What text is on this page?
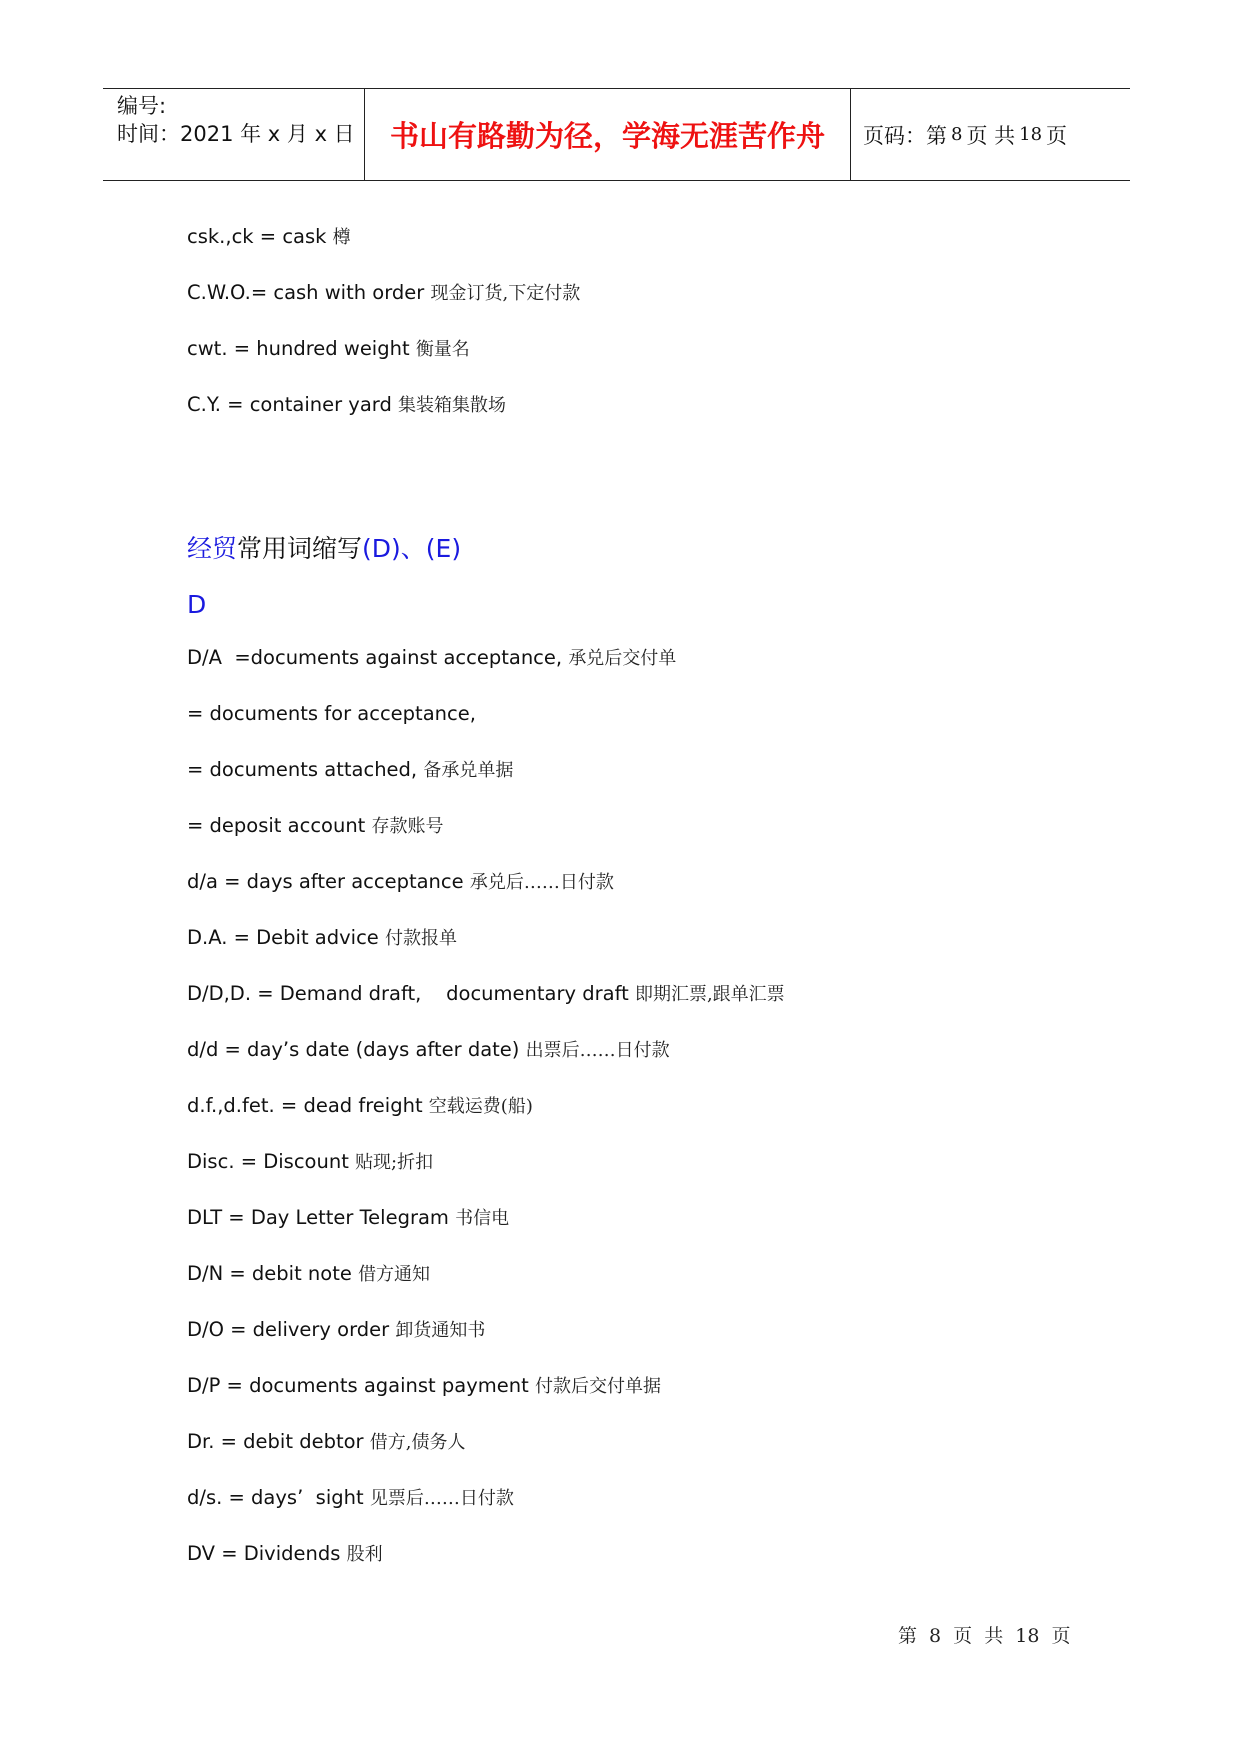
编号:
时间：2021 年 x 月 x 日	书山有路勤为径，学海无涯苦作舟	页码：第 8 页 共 18 页
csk.,ck = cask 樽
C.W.O.= cash with order 现金订货,下定付款
cwt. = hundred weight 衡量名
C.Y. = container yard 集装箱集散场
经贸常用词缩写(D)、(E)
D
D/A  =documents against acceptance, 承兑后交付单
= documents for acceptance,
= documents attached, 备承兑单据
= deposit account 存款账号
d/a = days after acceptance 承兑后……日付款
D.A. = Debit advice 付款报单
D/D,D. = Demand draft,    documentary draft 即期汇票,跟单汇票
d/d = day’s date (days after date) 出票后……日付款
d.f.,d.fet. = dead freight 空载运费(船)
Disc. = Discount 贴现;折扣
DLT = Day Letter Telegram 书信电
D/N = debit note 借方通知
D/O = delivery order 卸货通知书
D/P = documents against payment 付款后交付单据
Dr. = debit debtor 借方,债务人
d/s. = days’  sight 见票后……日付款
DV = Dividends 股利
第 8 页 共 18 页
